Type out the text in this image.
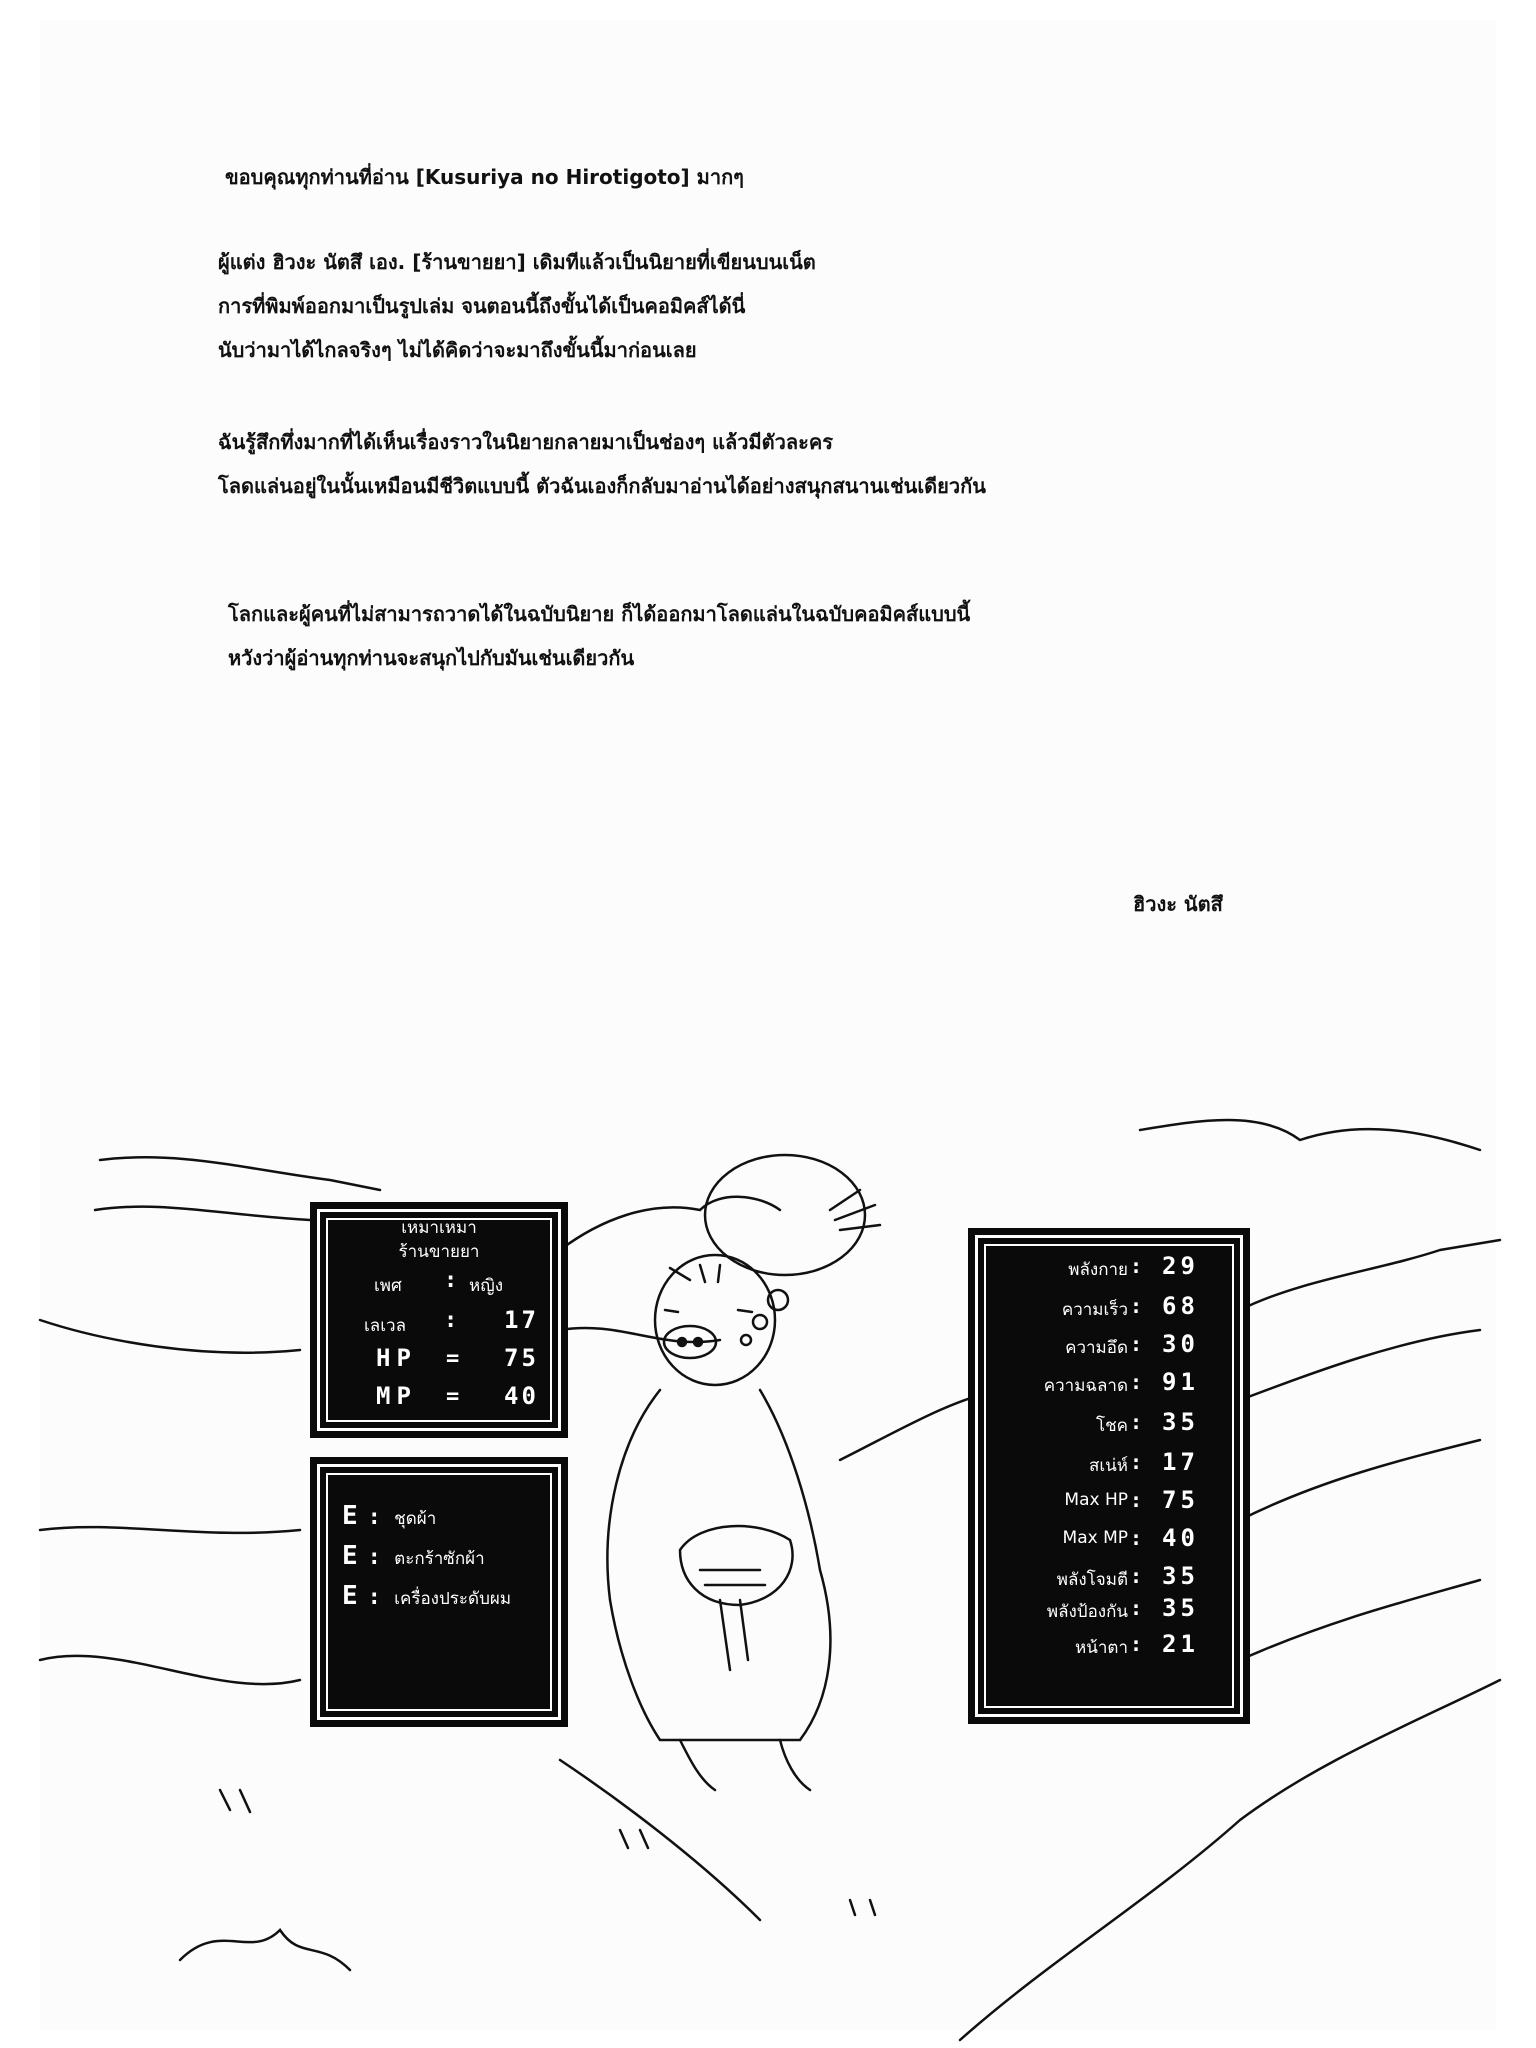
ขอบคุณทุกท่านที่อ่าน [Kusuriya no Hirotigoto] มากๆ

ผู้แต่ง ฮิวงะ นัตสึ เอง. [ร้านขายยา] เดิมทีแล้วเป็นนิยายที่เขียนบนเน็ต

การที่พิมพ์ออกมาเป็นรูปเล่ม จนตอนนี้ถึงขั้นได้เป็นคอมิคส์ได้นี่

นับว่ามาได้ไกลจริงๆ ไม่ได้คิดว่าจะมาถึงขั้นนี้มาก่อนเลย

ฉันรู้สึกทึ่งมากที่ได้เห็นเรื่องราวในนิยายกลายมาเป็นช่องๆ แล้วมีตัวละคร

โลดแล่นอยู่ในนั้นเหมือนมีชีวิตแบบนี้ ตัวฉันเองก็กลับมาอ่านได้อย่างสนุกสนานเช่นเดียวกัน

โลกและผู้คนที่ไม่สามารถวาดได้ในฉบับนิยาย ก็ได้ออกมาโลดแล่นในฉบับคอมิคส์แบบนี้

หวังว่าผู้อ่านทุกท่านจะสนุกไปกับมันเช่นเดียวกัน

ฮิวงะ นัตสึ
เหมาเหมา
ร้านขายยา
เพศ : หญิง
เลเวล : 17
HP = 75
MP = 40
E : ชุดผ้า
E : ตะกร้าซักผ้า
E : เครื่องประดับผม
พลังกาย : 29
ความเร็ว : 68
ความอึด : 30
ความฉลาด : 91
โชค : 35
สเน่ห์ : 17
Max HP : 75
Max MP : 40
พลังโจมตี : 35
พลังป้องกัน : 35
หน้าตา : 21
